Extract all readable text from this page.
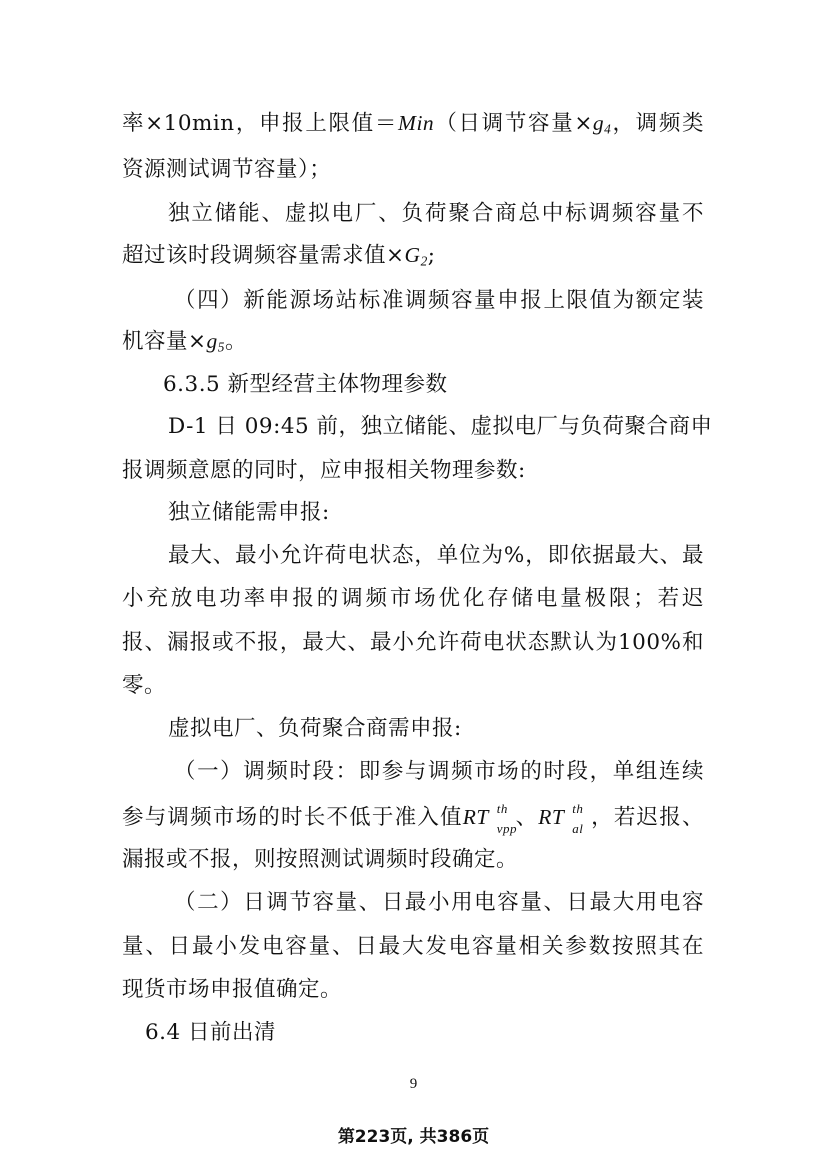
率×10min，申报上限值＝Min（日调节容量$\times g_4$，调频类
资源测试调节容量）；
独立储能、虚拟电厂、负荷聚合商总中标调频容量不
超过该时段调频容量需求值$\times G_2$;
（四）新能源场站标准调频容量申报上限值为额定装
机容量$\times g_5$。
6.3.5 新型经营主体物理参数
D-1 日 09:45 前，独立储能、虚拟电厂与负荷聚合商申
报调频意愿的同时，应申报相关物理参数:
独立储能需申报:
最大、最小允许荷电状态，单位为%，即依据最大、最
小充放电功率申报的调频市场优化存储电量极限；若迟
报、漏报或不报，最大、最小允许荷电状态默认为100%和
零。
虚拟电厂、负荷聚合商需申报:
（一）调频时段：即参与调频市场的时段，单组连续
参与调频市场的时长不低于准入值RT th
vpp
、RT th
al ，若迟报、
漏报或不报，则按照测试调频时段确定。
（二）日调节容量、日最小用电容量、日最大用电容
量、日最小发电容量、日最大发电容量相关参数按照其在
现货市场申报值确定。
6.4 日前出清
9
第223页, 共386页
